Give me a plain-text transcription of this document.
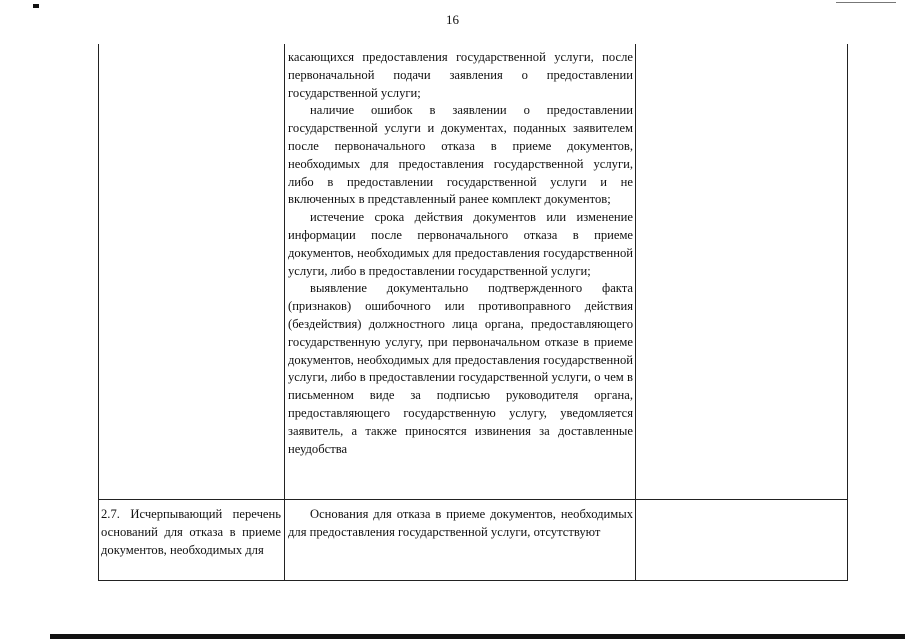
16

касающихся предоставления государственной услуги, после первоначальной подачи заявления о предоставлении государственной услуги;

наличие ошибок в заявлении о предоставлении государственной услуги и документах, поданных заявителем после первоначального отказа в приеме документов, необходимых для предоставления государственной услуги, либо в предоставлении государственной услуги и не включенных в представленный ранее комплект документов;

истечение срока действия документов или изменение информации после первоначального отказа в приеме документов, необходимых для предоставления государственной услуги, либо в предоставлении государственной услуги;

выявление документально подтвержденного факта (признаков) ошибочного или противоправного действия (бездействия) должностного лица органа, предоставляющего государственную услугу, при первоначальном отказе в приеме документов, необходимых для предоставления государственной услуги, либо в предоставлении государственной услуги, о чем в письменном виде за подписью руководителя органа, предоставляющего государственную услугу, уведомляется заявитель, а также приносятся извинения за доставленные неудобства

2.7. Исчерпывающий перечень оснований для отказа в приеме документов, необходимых для

Основания для отказа в приеме документов, необходимых для предоставления государственной услуги, отсутствуют
